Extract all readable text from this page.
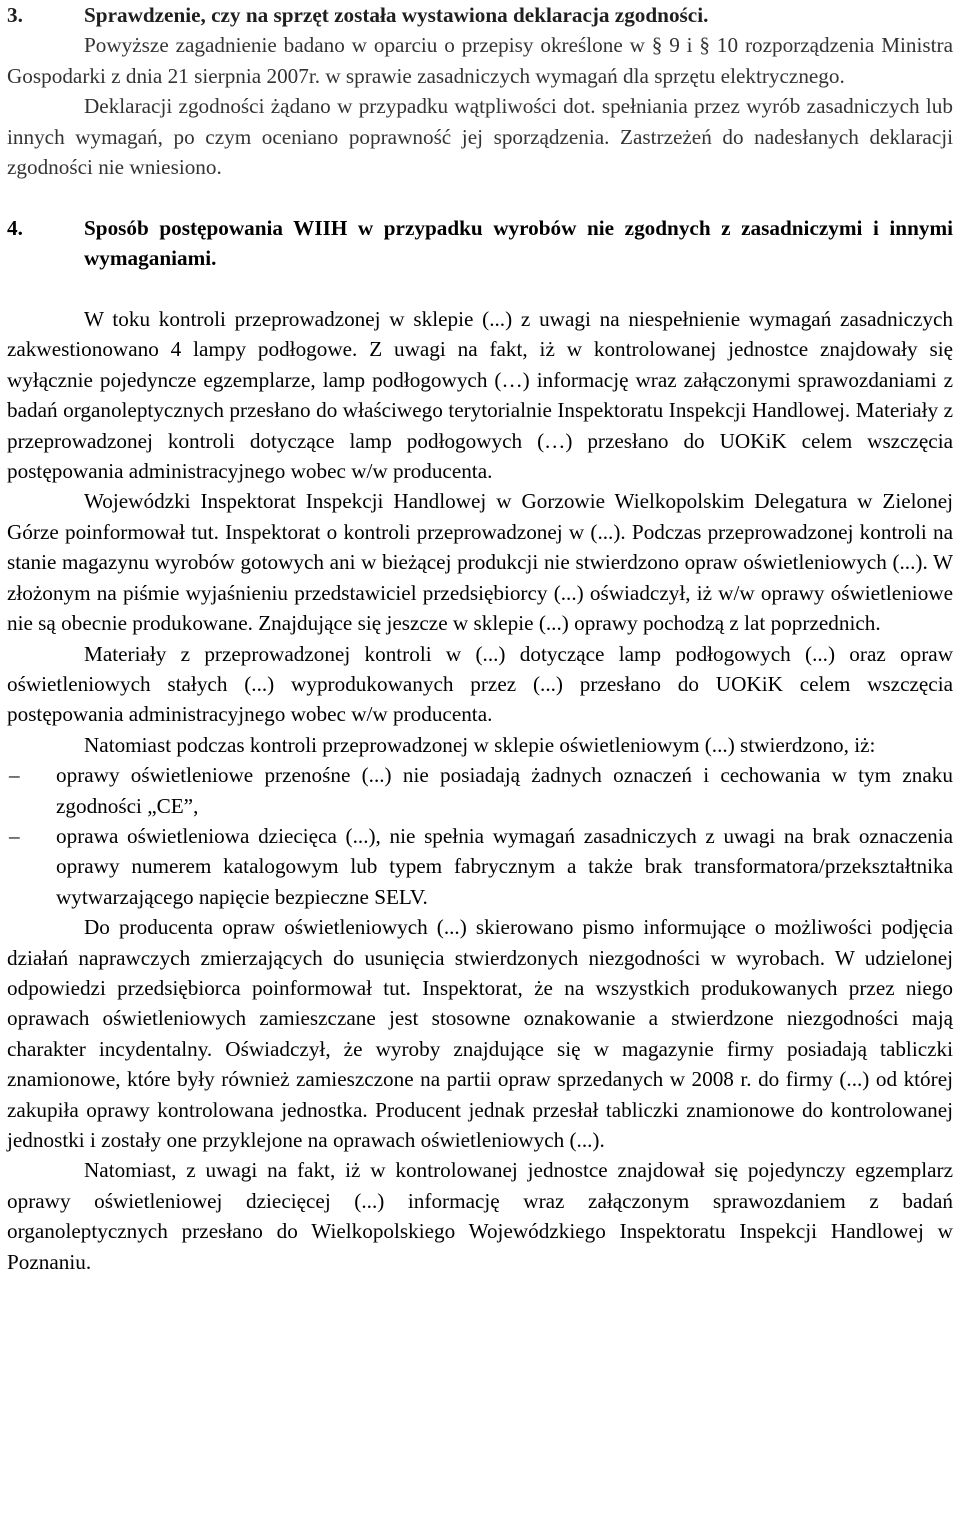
3.	Sprawdzenie, czy na sprzęt została wystawiona deklaracja zgodności.

Powyższe zagadnienie badano w oparciu o przepisy określone w § 9 i § 10 rozporządzenia Ministra Gospodarki z dnia 21 sierpnia 2007r. w sprawie zasadniczych wymagań dla sprzętu elektrycznego.

Deklaracji zgodności żądano w przypadku wątpliwości dot. spełniania przez wyrób zasadniczych lub innych wymagań, po czym oceniano poprawność jej sporządzenia. Zastrzeżeń do nadesłanych deklaracji zgodności nie wniesiono.

4.	Sposób postępowania WIIH w przypadku wyrobów nie zgodnych z zasadniczymi i innymi wymaganiami.

W toku kontroli przeprowadzonej w sklepie (...) z uwagi na niespełnienie wymagań zasadniczych zakwestionowano 4 lampy podłogowe. Z uwagi na fakt, iż w kontrolowanej jednostce znajdowały się wyłącznie pojedyncze egzemplarze, lamp podłogowych (…) informację wraz załączonymi sprawozdaniami z badań organoleptycznych przesłano do właściwego terytorialnie Inspektoratu Inspekcji Handlowej. Materiały z przeprowadzonej kontroli dotyczące lamp podłogowych (…) przesłano do UOKiK celem wszczęcia postępowania administracyjnego wobec w/w producenta.

Wojewódzki Inspektorat Inspekcji Handlowej w Gorzowie Wielkopolskim Delegatura w Zielonej Górze poinformował tut. Inspektorat o kontroli przeprowadzonej w (...). Podczas przeprowadzonej kontroli na stanie magazynu wyrobów gotowych ani w bieżącej produkcji nie stwierdzono opraw oświetleniowych (...). W złożonym na piśmie wyjaśnieniu przedstawiciel przedsiębiorcy (...) oświadczył, iż w/w oprawy oświetleniowe nie są obecnie produkowane. Znajdujące się jeszcze w sklepie (...) oprawy pochodzą z lat poprzednich.

Materiały z przeprowadzonej kontroli w (...) dotyczące lamp podłogowych (...) oraz opraw oświetleniowych stałych (...) wyprodukowanych przez (...) przesłano do UOKiK celem wszczęcia postępowania administracyjnego wobec w/w producenta.

Natomiast podczas kontroli przeprowadzonej w sklepie oświetleniowym (...) stwierdzono, iż:

–	oprawy oświetleniowe przenośne (...) nie posiadają żadnych oznaczeń i cechowania w tym znaku zgodności „CE”,
–	oprawa oświetleniowa dziecięca (...), nie spełnia wymagań zasadniczych z uwagi na brak oznaczenia oprawy numerem katalogowym lub typem fabrycznym a także brak transformatora/przekształtnika wytwarzającego napięcie bezpieczne SELV.

Do producenta opraw oświetleniowych (...) skierowano pismo informujące o możliwości podjęcia działań naprawczych zmierzających do usunięcia stwierdzonych niezgodności w wyrobach. W udzielonej odpowiedzi przedsiębiorca poinformował tut. Inspektorat, że na wszystkich produkowanych przez niego oprawach oświetleniowych zamieszczane jest stosowne oznakowanie a stwierdzone niezgodności mają charakter incydentalny. Oświadczył, że wyroby znajdujące się w magazynie firmy posiadają tabliczki znamionowe, które były również zamieszczone na partii opraw sprzedanych w 2008 r. do firmy (...) od której zakupiła oprawy kontrolowana jednostka. Producent jednak przesłał tabliczki znamionowe do kontrolowanej jednostki i zostały one przyklejone na oprawach oświetleniowych (...).

Natomiast, z uwagi na fakt, iż w kontrolowanej jednostce znajdował się pojedynczy egzemplarz oprawy oświetleniowej dziecięcej (...) informację wraz załączonym sprawozdaniem z badań organoleptycznych przesłano do Wielkopolskiego Wojewódzkiego Inspektoratu Inspekcji Handlowej w Poznaniu.
